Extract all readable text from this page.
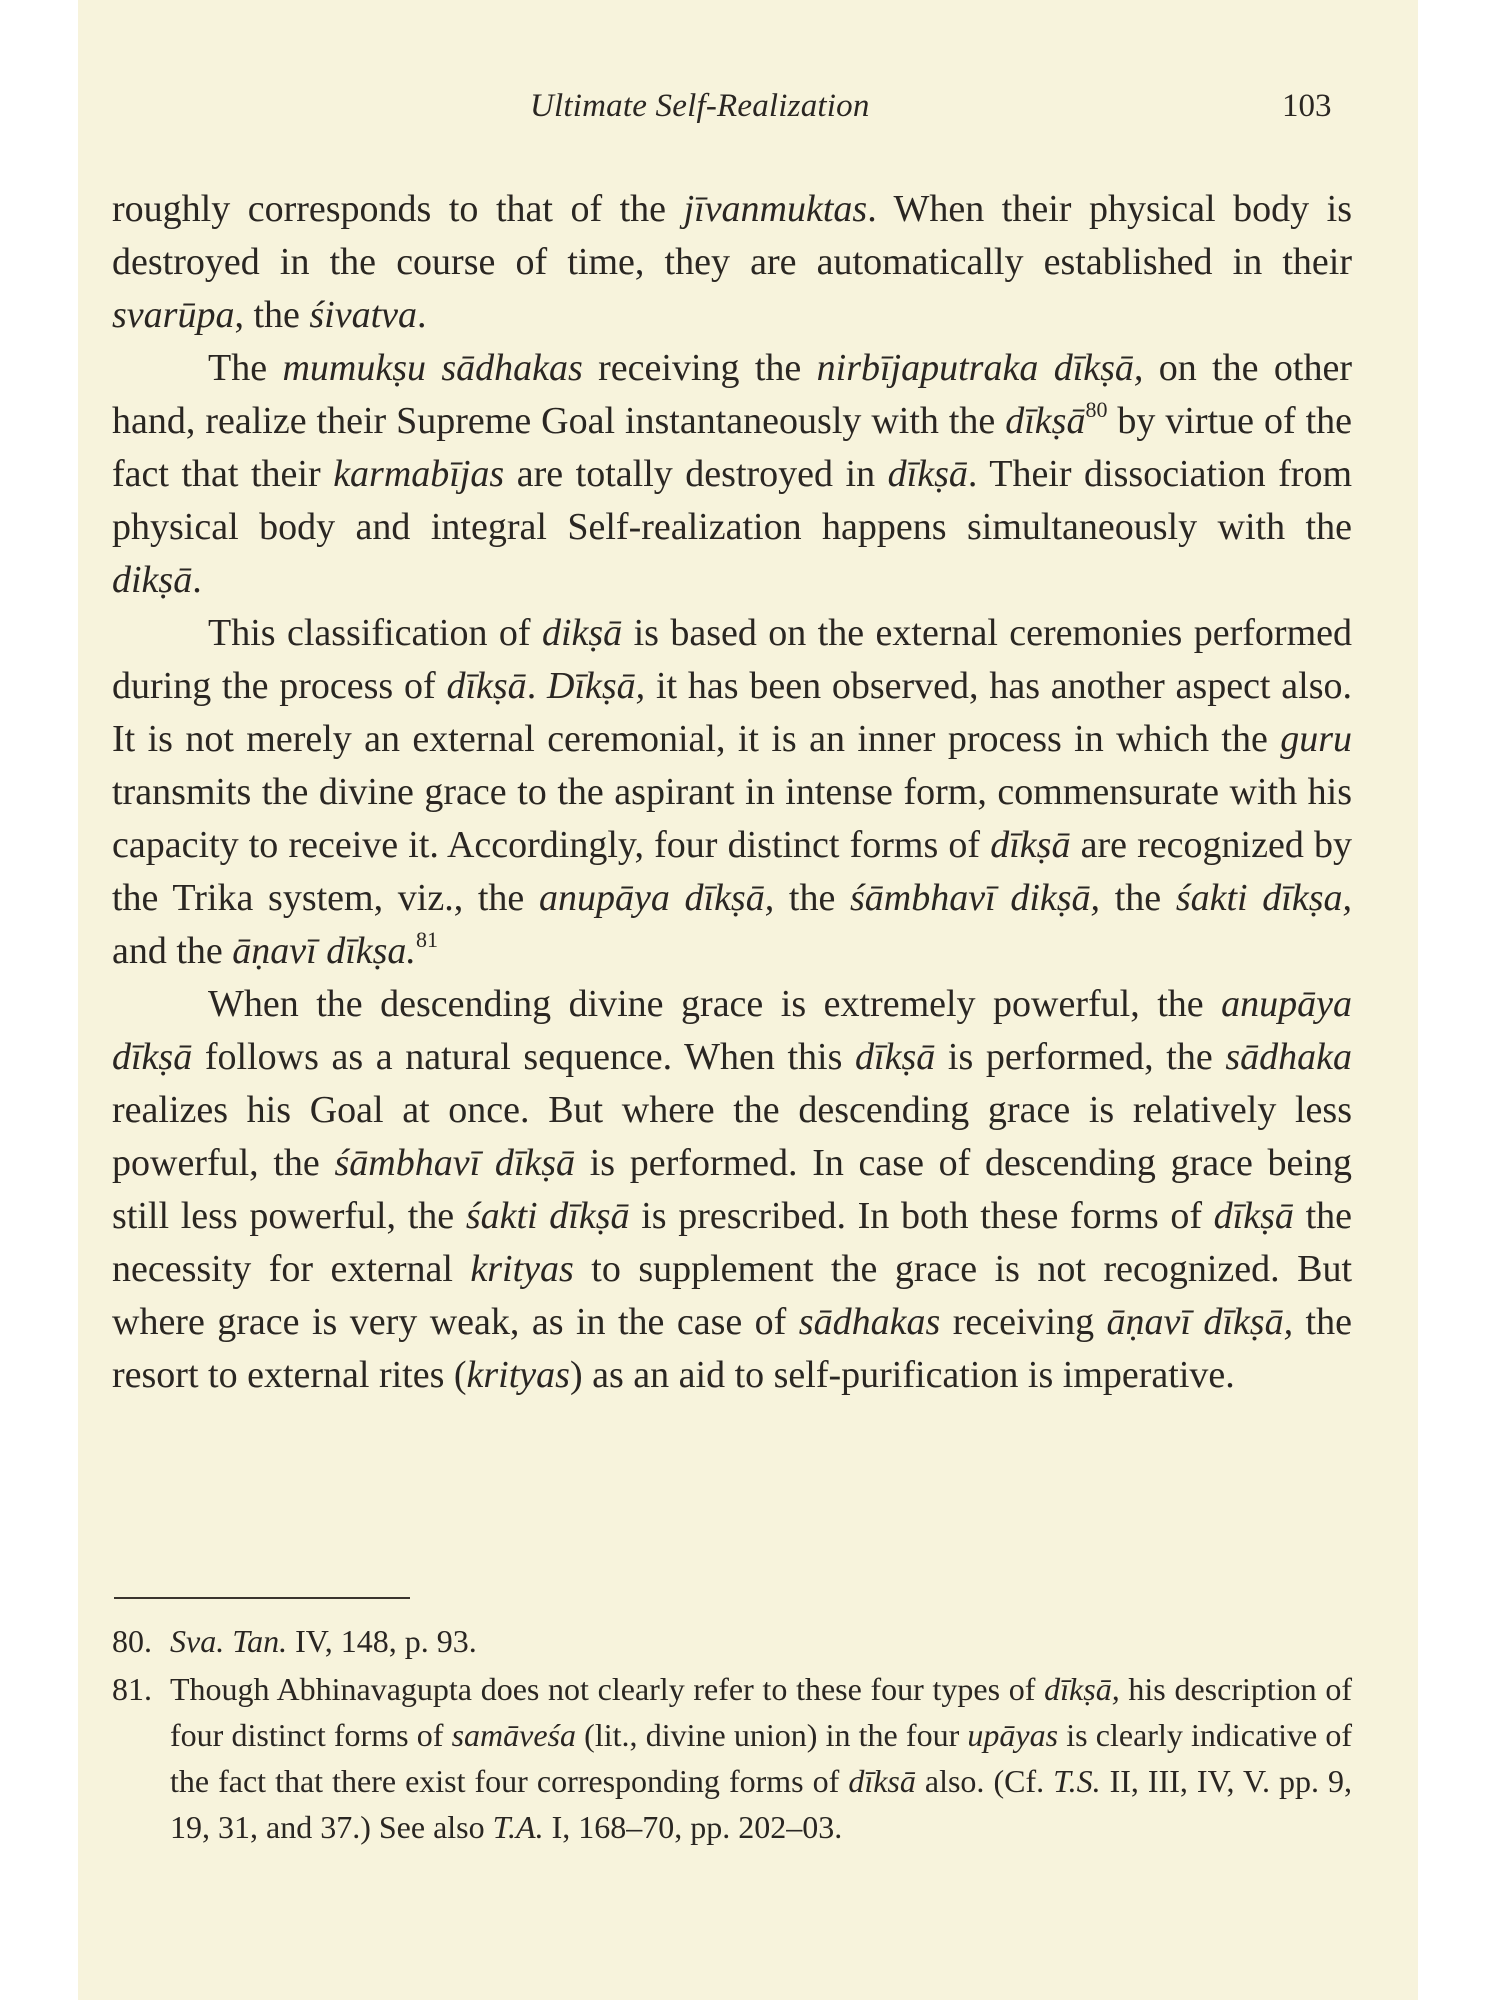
Ultimate Self-Realization	103

roughly corresponds to that of the jīvanmuktas. When their physical body is destroyed in the course of time, they are automatically established in their svarūpa, the śivatva.

The mumukṣu sādhakas receiving the nirbījaputraka dīkṣā, on the other hand, realize their Supreme Goal instantaneously with the dīkṣā$^{80}$ by virtue of the fact that their karmabījas are totally destroyed in dīkṣā. Their dissociation from physical body and integral Self-realization happens simultaneously with the dikṣā.

This classification of dikṣā is based on the external ceremonies performed during the process of dīkṣā. Dīkṣā, it has been observed, has another aspect also. It is not merely an external ceremonial, it is an inner process in which the guru transmits the divine grace to the aspirant in intense form, commensurate with his capacity to receive it. Accordingly, four distinct forms of dīkṣā are recognized by the Trika system, viz., the anupāya dīkṣā, the śāmbhavī dikṣā, the śakti dīkṣa, and the āṇavī dīkṣa.$^{81}$

When the descending divine grace is extremely powerful, the anupāya dīkṣā follows as a natural sequence. When this dīkṣā is performed, the sādhaka realizes his Goal at once. But where the descending grace is relatively less powerful, the śāmbhavī dīkṣā is performed. In case of descending grace being still less powerful, the śakti dīkṣā is prescribed. In both these forms of dīkṣā the necessity for external krityas to supplement the grace is not recognized. But where grace is very weak, as in the case of sādhakas receiving āṇavī dīkṣā, the resort to external rites (krityas) as an aid to self-purification is imperative.

80. Sva. Tan. IV, 148, p. 93.
81. Though Abhinavagupta does not clearly refer to these four types of dīkṣā, his description of four distinct forms of samāveśa (lit., divine union) in the four upāyas is clearly indicative of the fact that there exist four corresponding forms of dīksā also. (Cf. T.S. II, III, IV, V. pp. 9, 19, 31, and 37.) See also T.A. I, 168–70, pp. 202–03.
